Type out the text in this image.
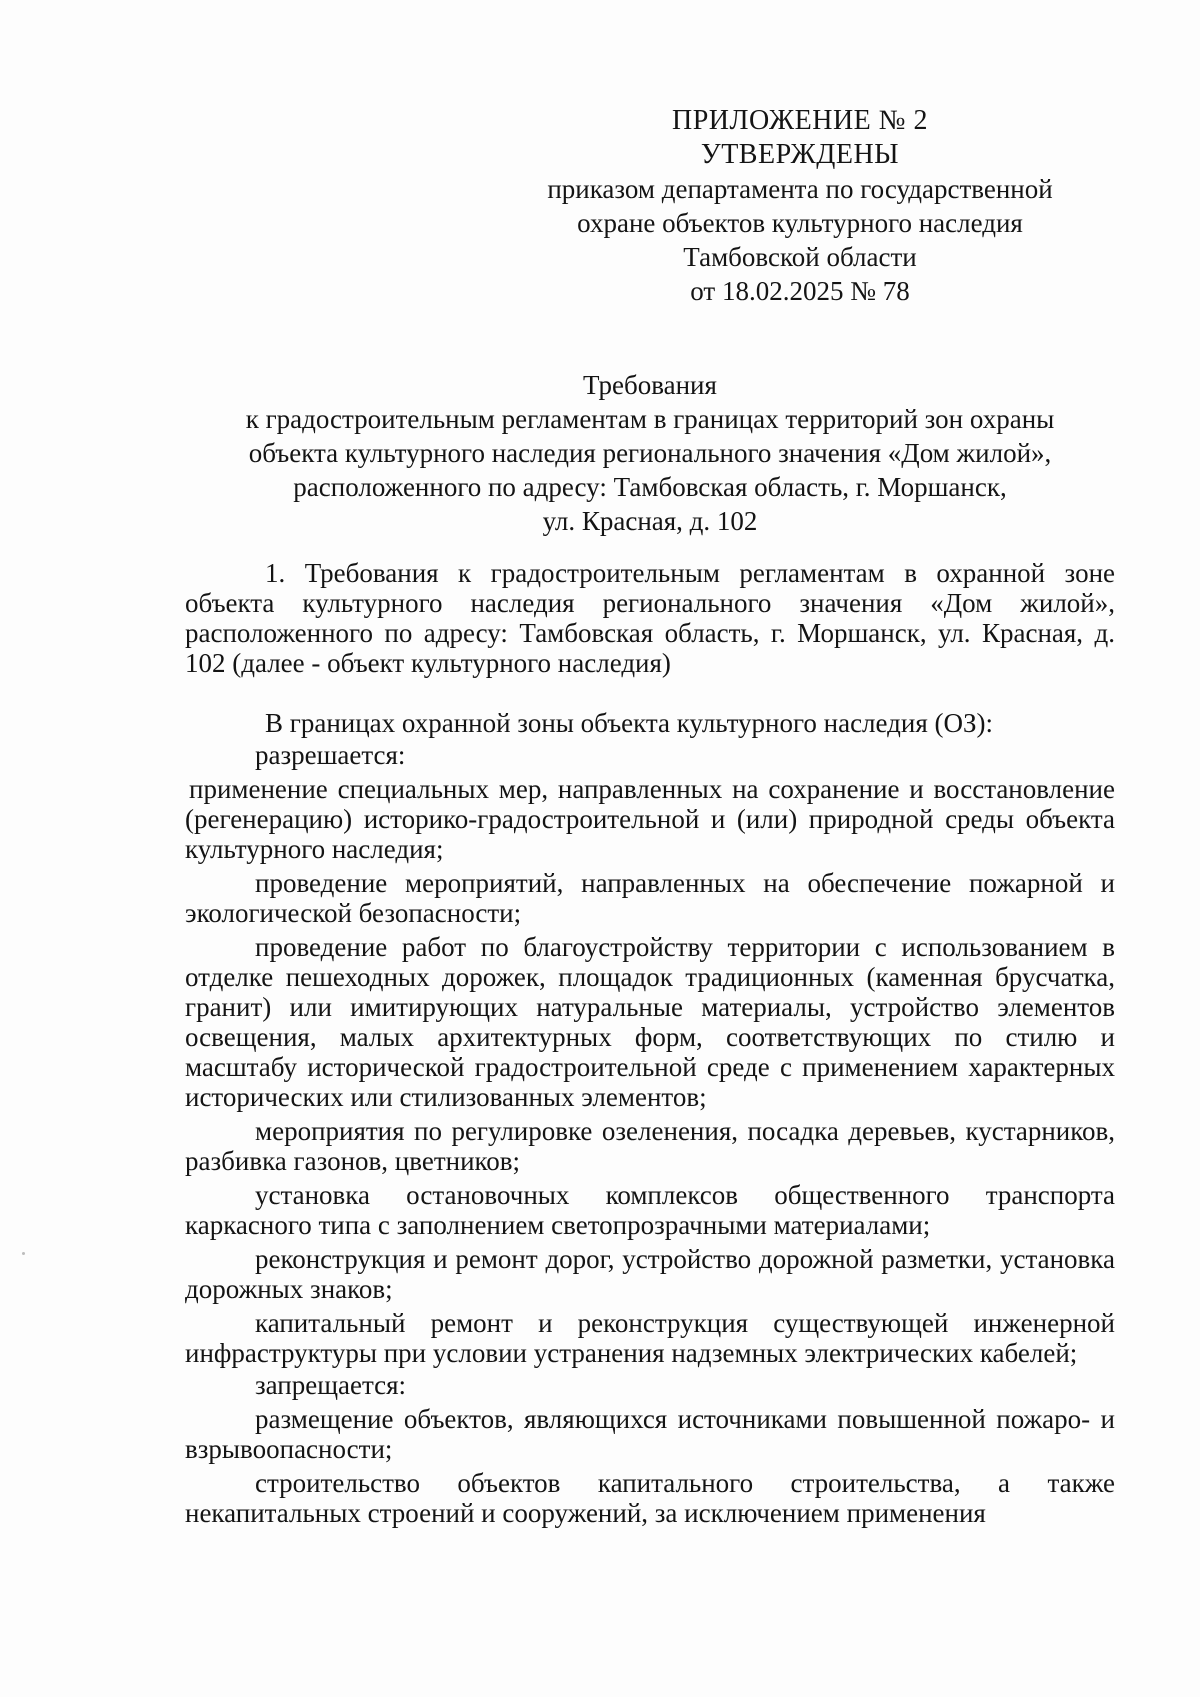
ПРИЛОЖЕНИЕ № 2
УТВЕРЖДЕНЫ
приказом департамента по государственной
охране объектов культурного наследия
Тамбовской области
от 18.02.2025 № 78
Требования
к градостроительным регламентам в границах территорий зон охраны
объекта культурного наследия регионального значения «Дом жилой»,
расположенного по адресу: Тамбовская область, г. Моршанск,
ул. Красная, д. 102

1. Требования к градостроительным регламентам в охранной зоне объекта культурного наследия регионального значения «Дом жилой», расположенного по адресу: Тамбовская область, г. Моршанск, ул. Красная, д. 102 (далее - объект культурного наследия)

В границах охранной зоны объекта культурного наследия (ОЗ):

разрешается:

применение специальных мер, направленных на сохранение и восстановление (регенерацию) историко-градостроительной и (или) природной среды объекта культурного наследия;

проведение мероприятий, направленных на обеспечение пожарной и экологической безопасности;

проведение работ по благоустройству территории с использованием в отделке пешеходных дорожек, площадок традиционных (каменная брусчатка, гранит) или имитирующих натуральные материалы, устройство элементов освещения, малых архитектурных форм, соответствующих по стилю и масштабу исторической градостроительной среде с применением характерных исторических или стилизованных элементов;

мероприятия по регулировке озеленения, посадка деревьев, кустарников, разбивка газонов, цветников;

установка остановочных комплексов общественного транспорта каркасного типа с заполнением светопрозрачными материалами;

реконструкция и ремонт дорог, устройство дорожной разметки, установка дорожных знаков;

капитальный ремонт и реконструкция существующей инженерной инфраструктуры при условии устранения надземных электрических кабелей;

запрещается:

размещение объектов, являющихся источниками повышенной пожаро- и взрывоопасности;

строительство объектов капитального строительства, а также некапитальных строений и сооружений, за исключением применения
